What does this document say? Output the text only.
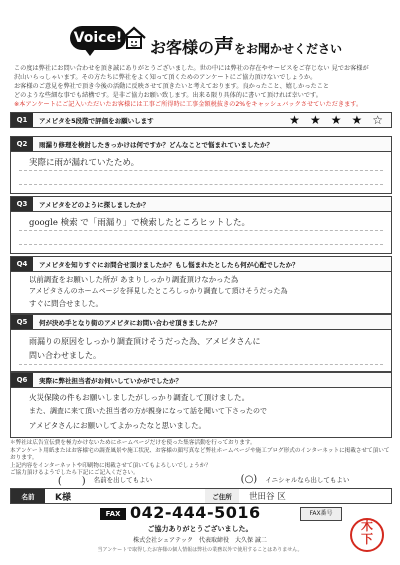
Voice! お客様の声をお聞かせください
この度は弊社にお問い合わせを頂き誠にありがとうございました。世の中には弊社の存在やサービスをご存じない 見でお客様が
沢山いらっしゃいます。その方たちに弊社をよく知って頂くためのアンケートにご協力頂けないでしょうか。
お客様のご意見を弊社で頂き今後の活動に反映させて頂きたいと考えております。良かったこと、嬉しかったこと
どのような些細な事でも結構です。是非ご協力お願い致します。出来る限り具体的に書いて頂ければ幸いです。
※本アンケートにご記入いただいたお客様には工事ご所得時に工事金額税抜きの2%をキャッシュバックさせていただきます。
Q1	アメピタを5段階で評価をお願いします	★ ★ ★ ★ ☆
Q2	雨漏り修理を検討したきっかけは何ですか？どんなことで悩まれていましたか？
実際に雨が漏れていたため。
Q3	アメピタをどのように探しましたか？
google 検索 で「雨漏り」で検索したところヒットした。
Q4	アメピタを知りすぐにお問合せ頂けましたか？もし悩まれたとしたら何が心配でしたか？
以前調査をお願いした所が あまりしっかり調査頂けなかった為
アメピタさんのホームページを拝見したところしっかり調査して頂けそうだった為
すぐに問合せました。
Q5	何が決め手となり街のアメピタにお問い合わせ頂きましたか？
雨漏りの原因をしっかり調査頂けそうだった為、アメピタさんに
問い合わせました。
Q6	実際に弊社担当者がお伺いしていかがでしたか？
火災保険の件もお願いしましたがしっかり調査して頂けました。
また、調査に来て頂いた担当者の方が親身になって話を聞いて下さったので
アメピタさんにお願いしてよかったなと思いました。
＊弊社は広告宣伝費を極力かけないためにホームページだけを使った集客活動を行っております。
本アンケート用紙またはお客様宅の調査風景や施工状況、お客様の顔写真など弊社ホームページや施工ブログ形式のインターネットに掲載させて頂いております。
上記内容をインターネットや印刷物に掲載させて頂いてもよろしいでしょうか？
ご協力頂けるようでしたら下記にご記入ください。
(　　) 名前を出してもよい	(○) イニシャルなら出してもよい
名前	K様	ご住所	世田谷 区
FAX 042-444-5016	FAX番号
ご協力ありがとうございました。
株式会社シェアテック　代表取締役　大久保 誠二
当アンケートで取得したお客様の個人情報は弊社の業務以外で使用することはありません。
木
下
